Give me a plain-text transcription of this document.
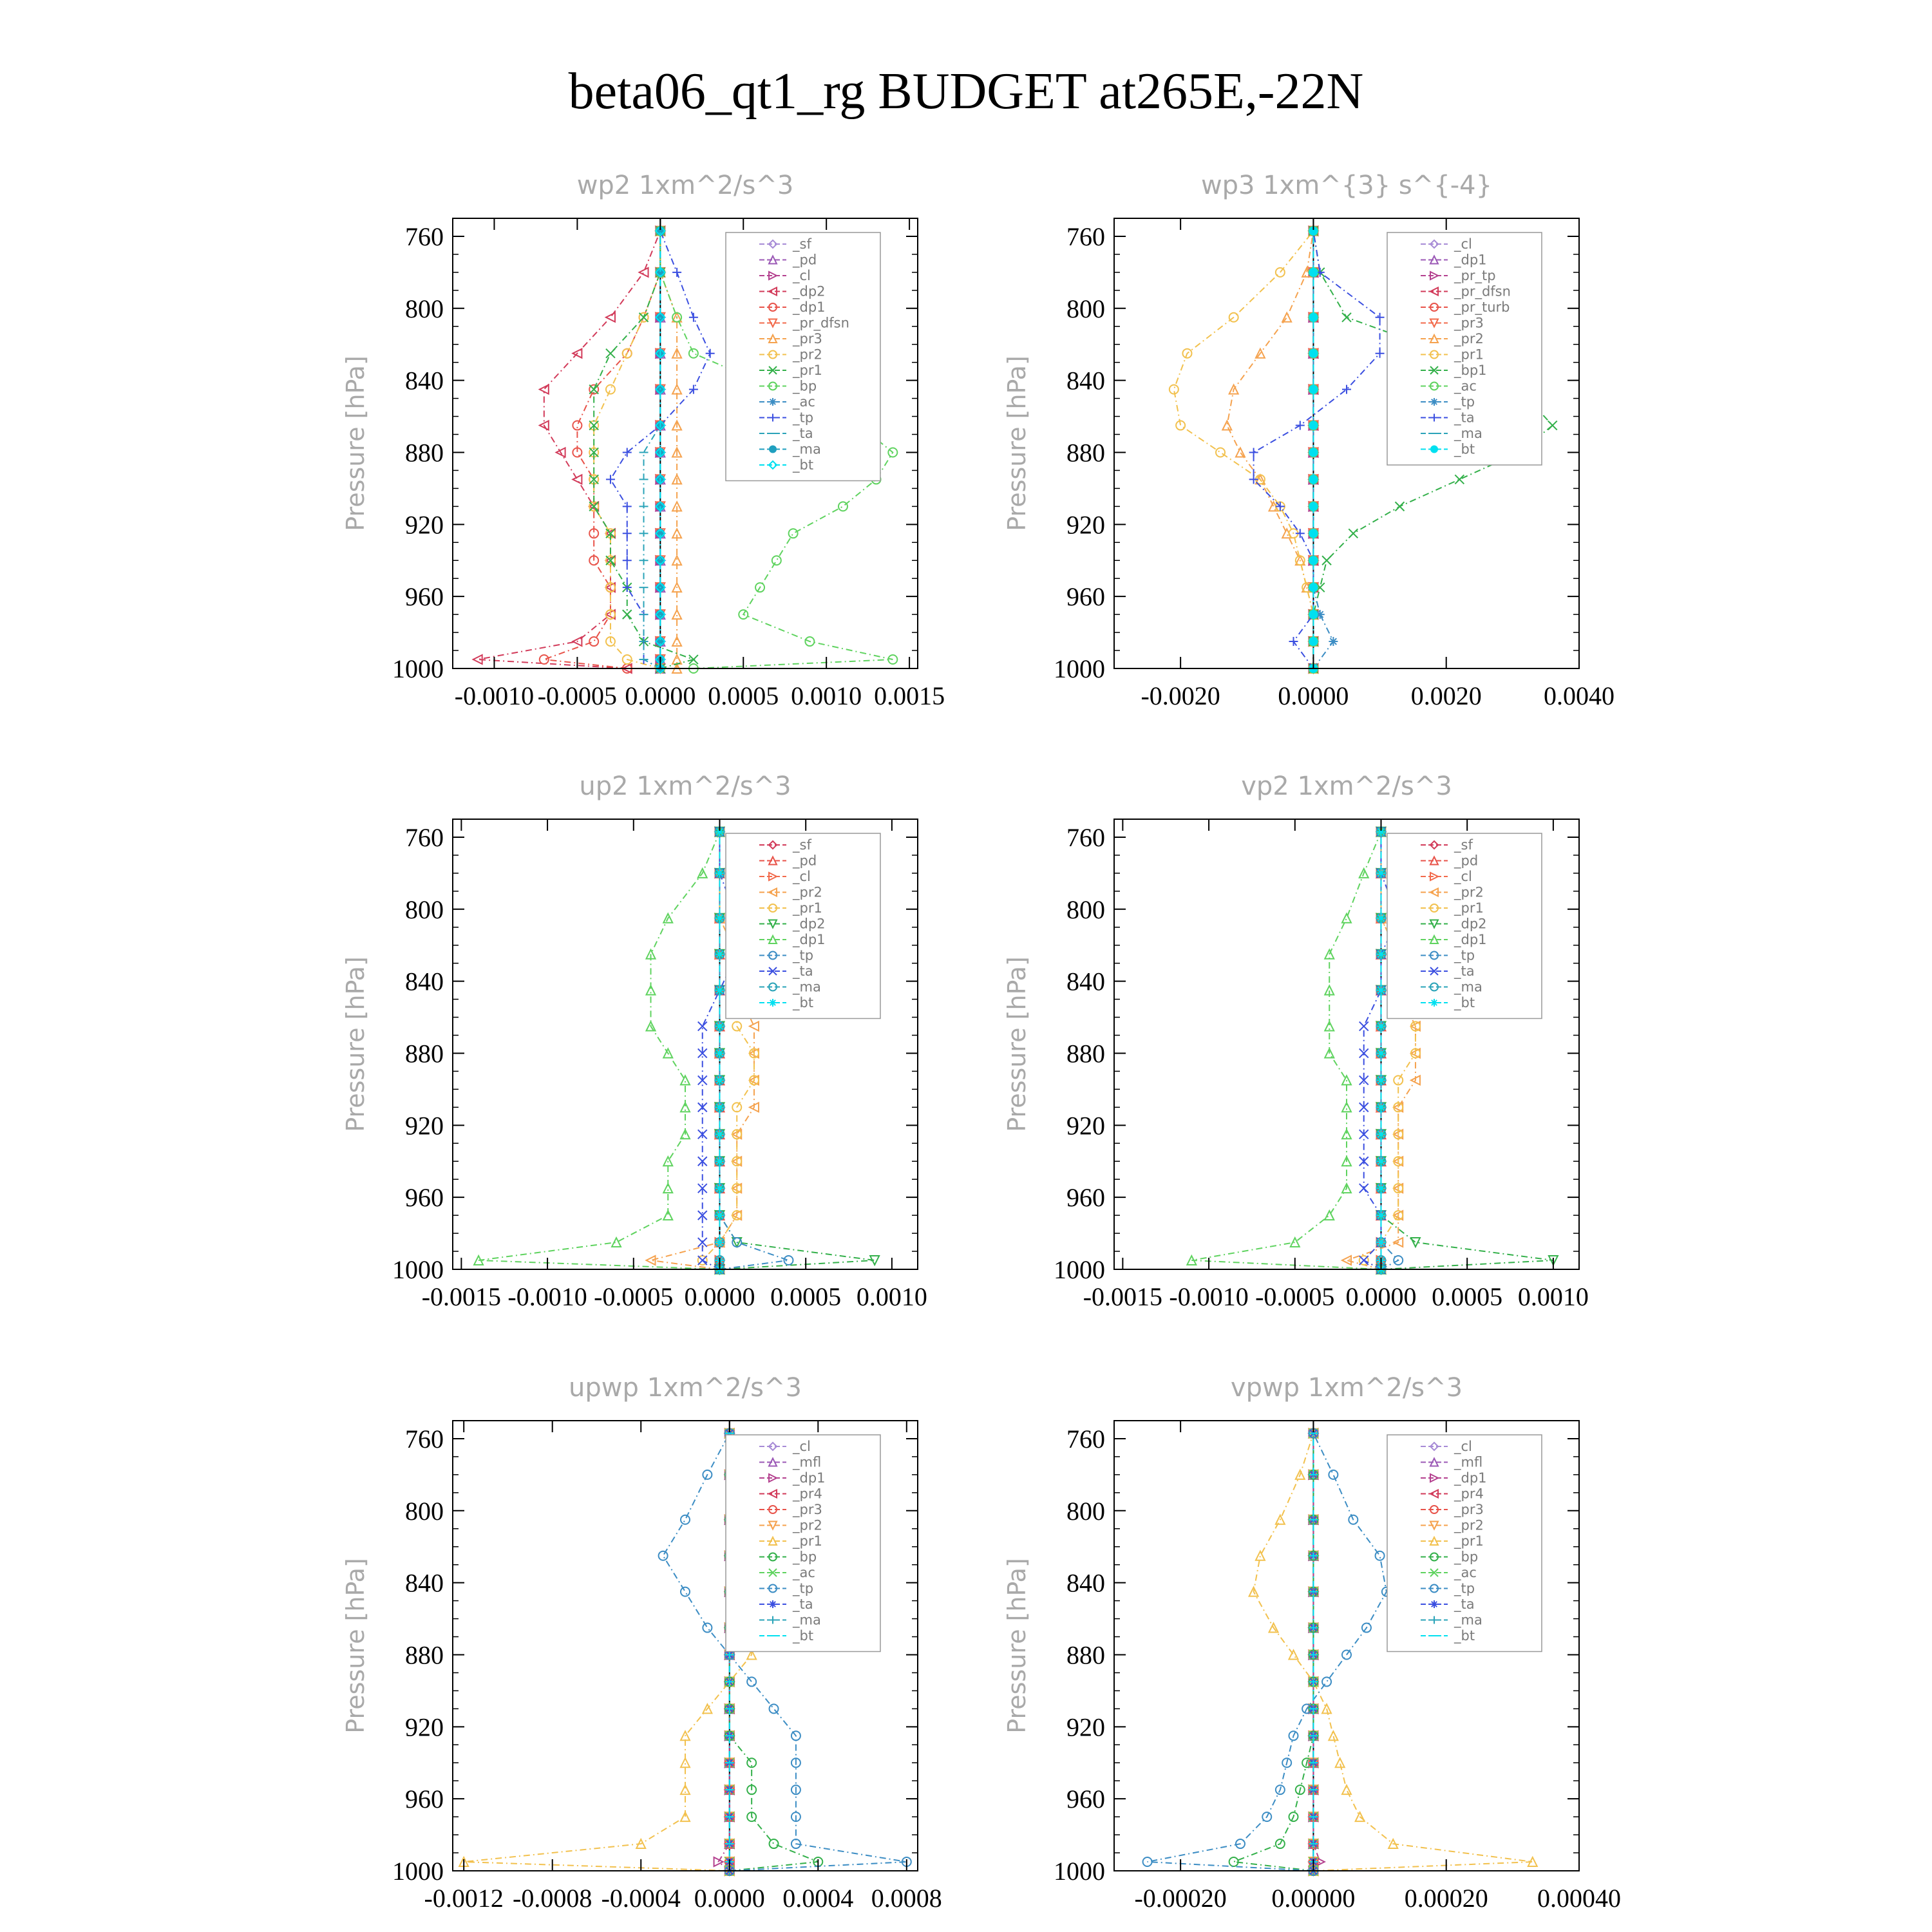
beta06_qt1_rg BUDGET at265E,-22N
wp2 1xm^2/s^3
Pressure [hPa]
760
800
840
880
920
960
1000
-0.0010 -0.0005 0.0000 0.0005 0.0010 0.0015
_sf
_pd
_cl
_dp2
_dp1
_pr_dfsn
_pr3
_pr2
_pr1
_bp
_ac
_tp
_ta
_ma
_bt
wp3 1xm^{3} s^{-4}
Pressure [hPa]
760
800
840
880
920
960
1000
-0.0020 0.0000 0.0020 0.0040
_cl
_dp1
_pr_tp
_pr_dfsn
_pr_turb
_pr3
_pr2
_pr1
_bp1
_ac
_tp
_ta
_ma
_bt
up2 1xm^2/s^3
Pressure [hPa]
760
800
840
880
920
960
1000
-0.0015 -0.0010 -0.0005 0.0000 0.0005 0.0010
_sf
_pd
_cl
_pr2
_pr1
_dp2
_dp1
_tp
_ta
_ma
_bt
vp2 1xm^2/s^3
Pressure [hPa]
760
800
840
880
920
960
1000
-0.0015 -0.0010 -0.0005 0.0000 0.0005 0.0010
_sf
_pd
_cl
_pr2
_pr1
_dp2
_dp1
_tp
_ta
_ma
_bt
upwp 1xm^2/s^3
Pressure [hPa]
760
800
840
880
920
960
1000
-0.0012 -0.0008 -0.0004 0.0000 0.0004 0.0008
_cl
_mfl
_dp1
_pr4
_pr3
_pr2
_pr1
_bp
_ac
_tp
_ta
_ma
_bt
vpwp 1xm^2/s^3
Pressure [hPa]
760
800
840
880
920
960
1000
-0.00020 0.00000 0.00020 0.00040
_cl
_mfl
_dp1
_pr4
_pr3
_pr2
_pr1
_bp
_ac
_tp
_ta
_ma
_bt
